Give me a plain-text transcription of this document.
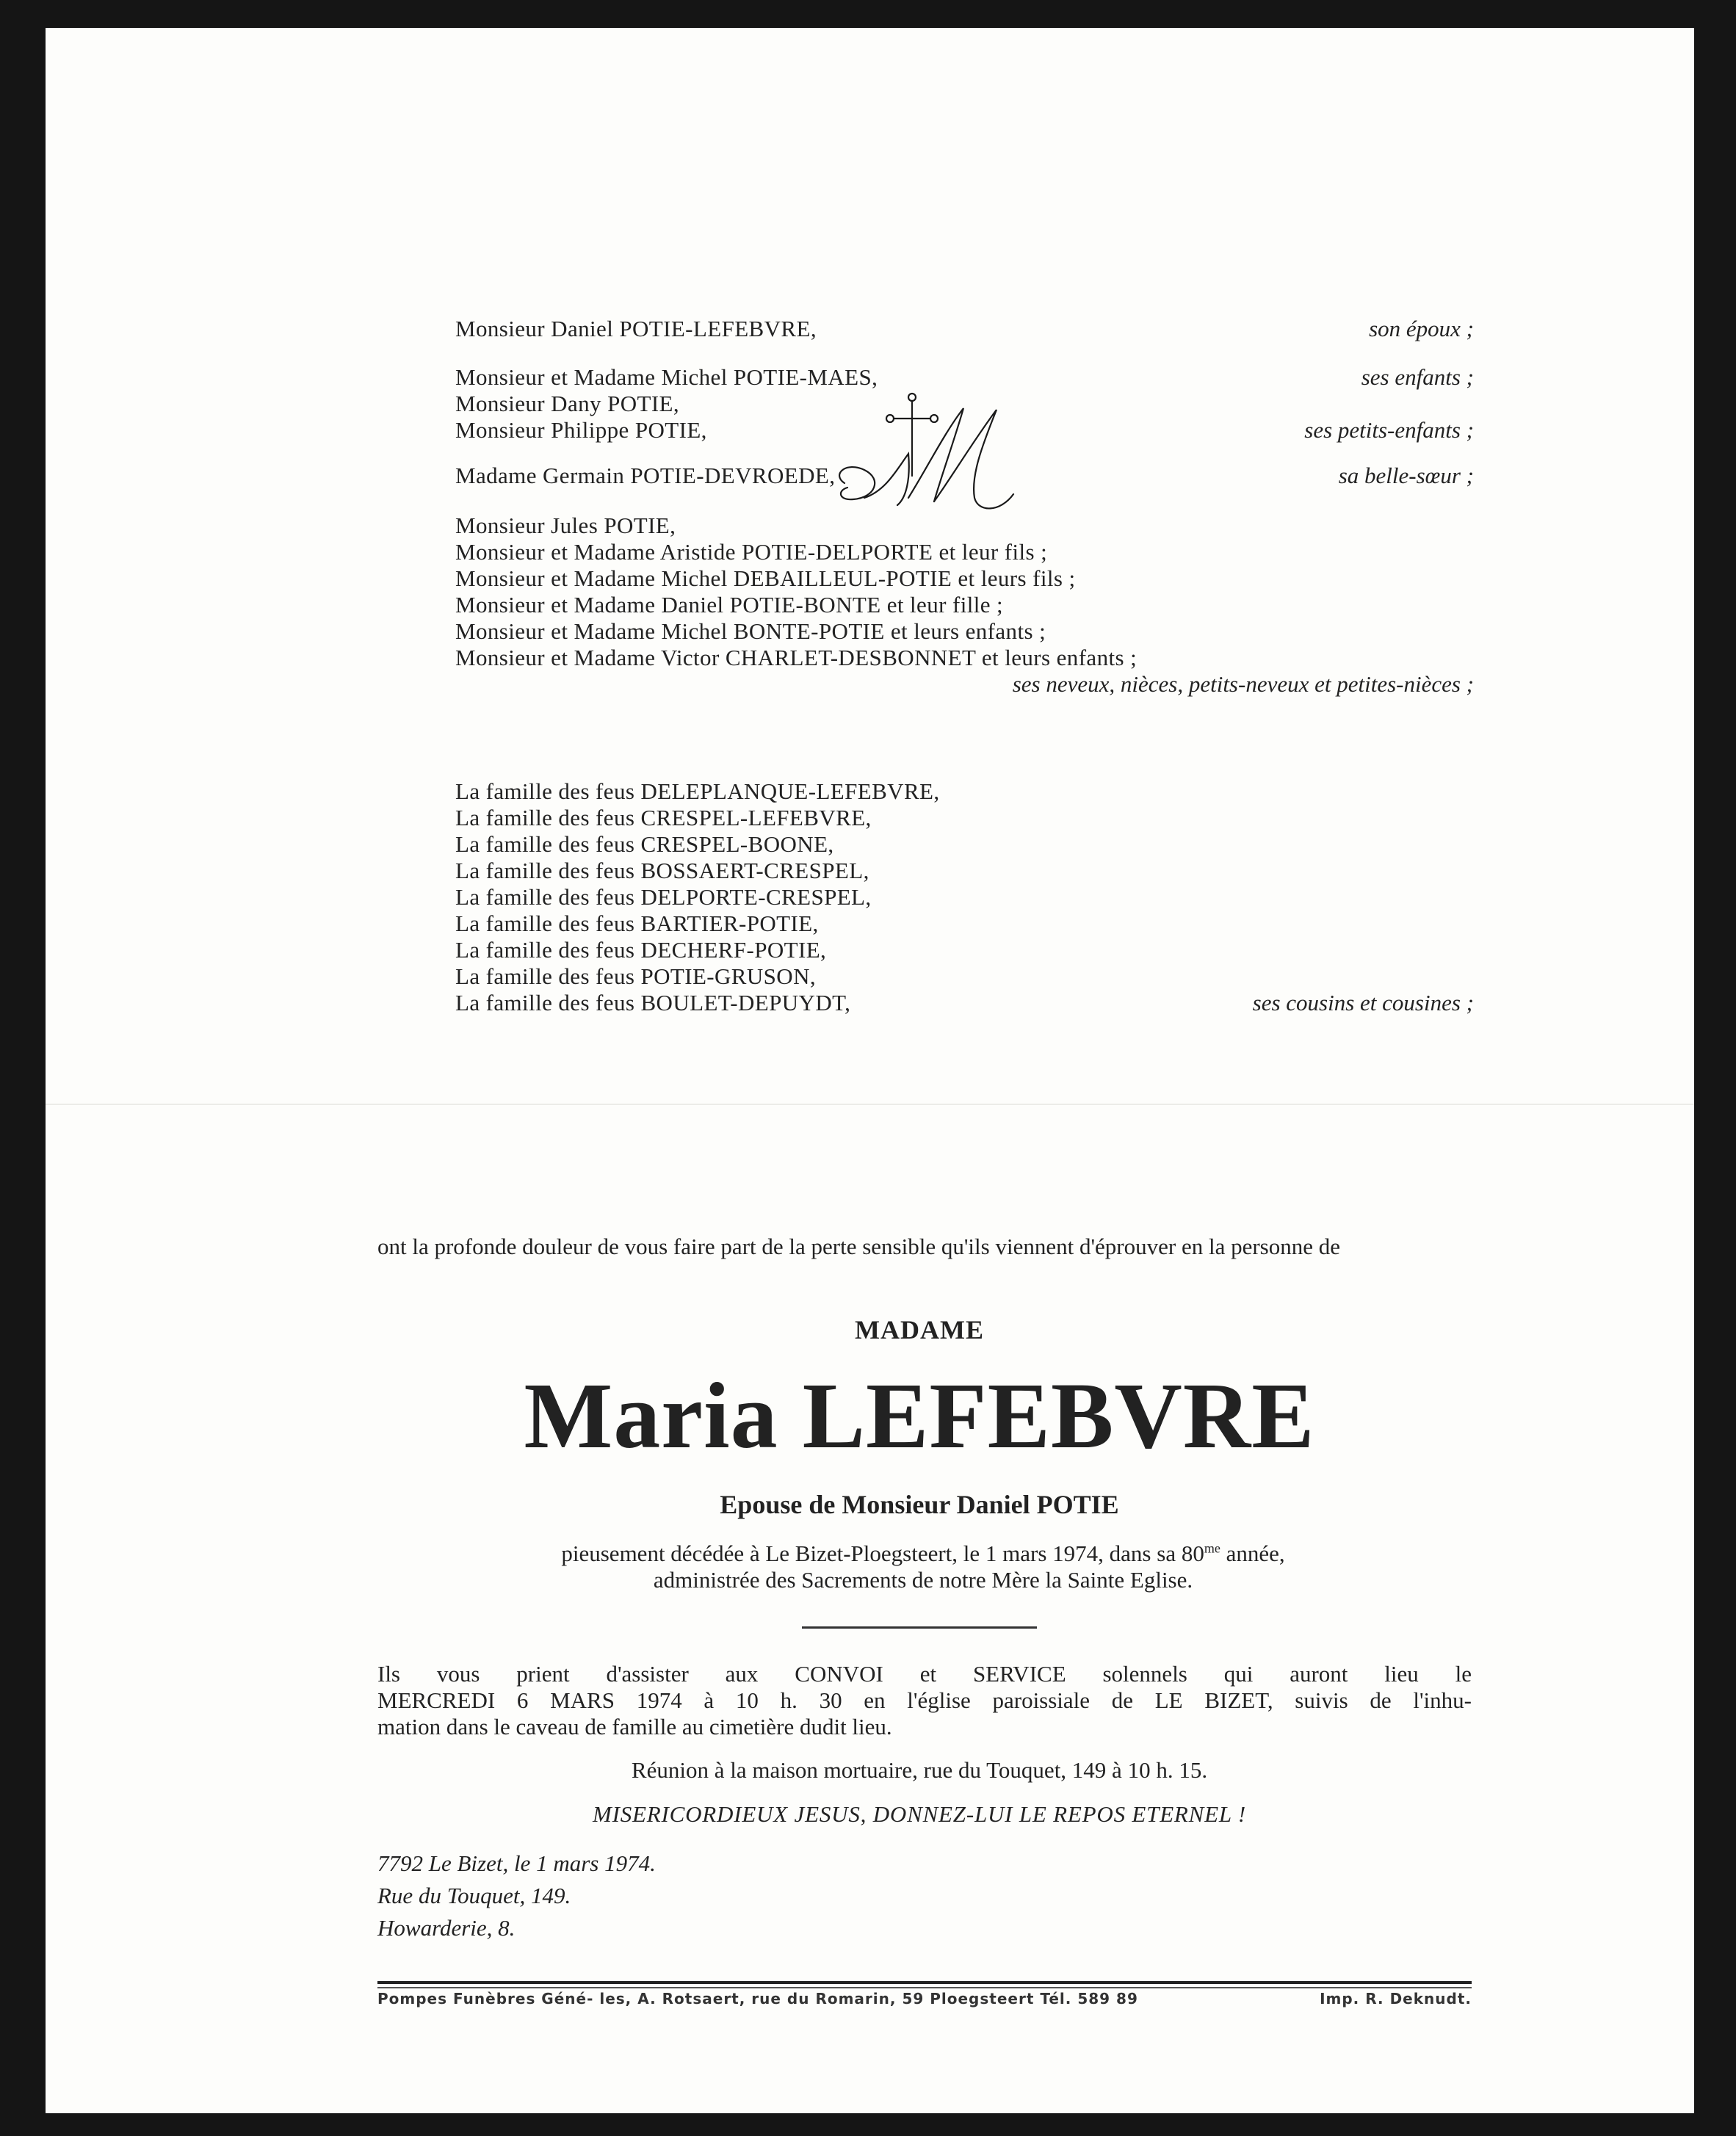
Monsieur Daniel POTIE-LEFEBVRE,	son époux ;
Monsieur et Madame Michel POTIE-MAES,	ses enfants ;
Monsieur Dany POTIE,
Monsieur Philippe POTIE,	ses petits-enfants ;
Madame Germain POTIE-DEVROEDE,	sa belle-sœur ;
Monsieur Jules POTIE,
Monsieur et Madame Aristide POTIE-DELPORTE et leur fils ;
Monsieur et Madame Michel DEBAILLEUL-POTIE et leurs fils ;
Monsieur et Madame Daniel POTIE-BONTE et leur fille ;
Monsieur et Madame Michel BONTE-POTIE et leurs enfants ;
Monsieur et Madame Victor CHARLET-DESBONNET et leurs enfants ;
ses neveux, nièces, petits-neveux et petites-nièces ;
La famille des feus DELEPLANQUE-LEFEBVRE,
La famille des feus CRESPEL-LEFEBVRE,
La famille des feus CRESPEL-BOONE,
La famille des feus BOSSAERT-CRESPEL,
La famille des feus DELPORTE-CRESPEL,
La famille des feus BARTIER-POTIE,
La famille des feus DECHERF-POTIE,
La famille des feus POTIE-GRUSON,
La famille des feus BOULET-DEPUYDT,	ses cousins et cousines ;
ont la profonde douleur de vous faire part de la perte sensible qu'ils viennent d'éprouver en la personne de
MADAME
Maria LEFEBVRE
Epouse de Monsieur Daniel POTIE
pieusement décédée à Le Bizet-Ploegsteert, le 1 mars 1974, dans sa $80^{me}$ année,
administrée des Sacrements de notre Mère la Sainte Eglise.
Ils vous prient d'assister aux CONVOI et SERVICE solennels qui auront lieu le
MERCREDI 6 MARS 1974 à 10 h. 30 en l'église paroissiale de LE BIZET, suivis de l'inhu-
mation dans le caveau de famille au cimetière dudit lieu.
Réunion à la maison mortuaire, rue du Touquet, 149 à 10 h. 15.
MISERICORDIEUX JESUS, DONNEZ-LUI LE REPOS ETERNEL !
7792 Le Bizet, le 1 mars 1974.
Rue du Touquet, 149.
Howarderie, 8.
Pompes Funèbres Géné- les, A. Rotsaert, rue du Romarin, 59 Ploegsteert Tél. 589 89	Imp. R. Deknudt.
